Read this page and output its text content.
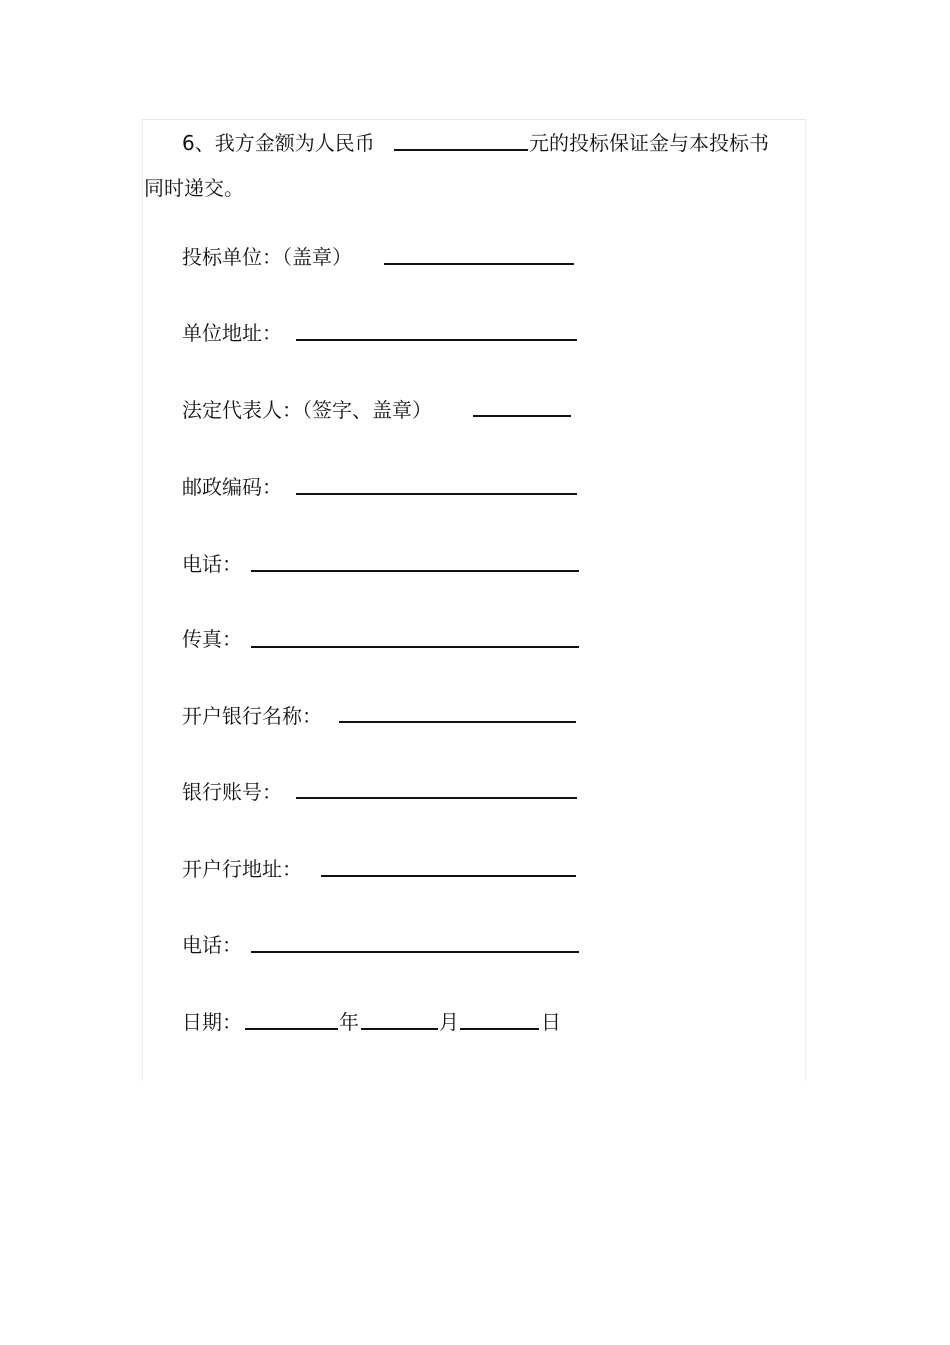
6、我方金额为人民币	元的投标保证金与本投标书
同时递交。
投标单位：（盖章）
单位地址：
法定代表人：（签字、盖章）
邮政编码：
电话：
传真：
开户银行名称：
银行账号：
开户行地址：
电话：
日期：	年	月	日
